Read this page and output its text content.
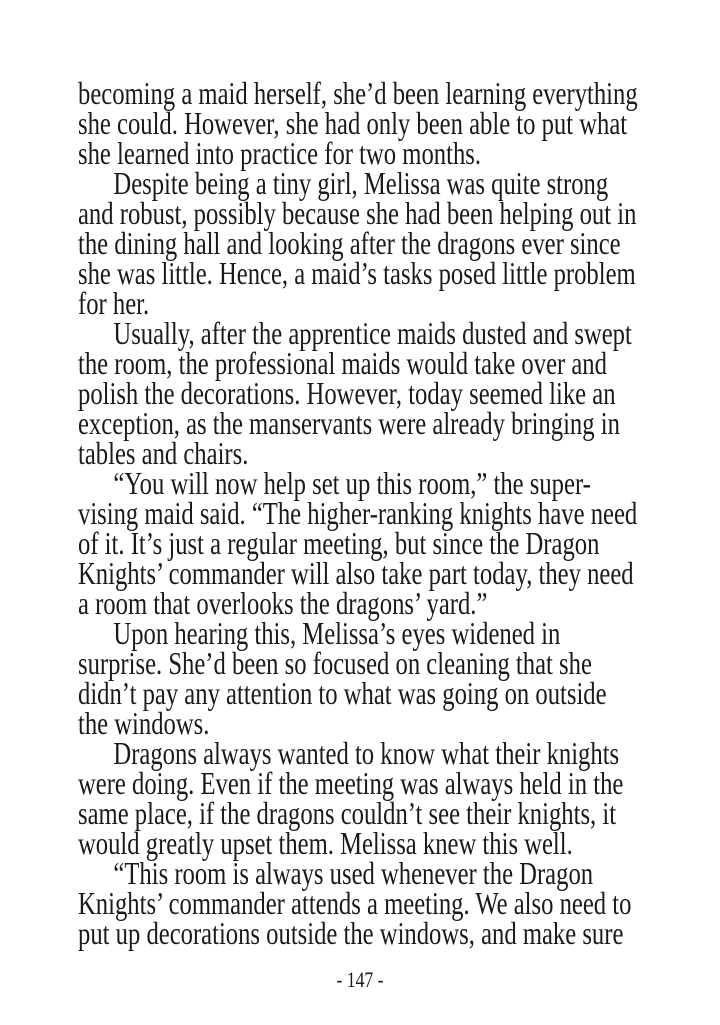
becoming a maid herself, she’d been learning everything
she could. However, she had only been able to put what
she learned into practice for two months.
Despite being a tiny girl, Melissa was quite strong
and robust, possibly because she had been helping out in
the dining hall and looking after the dragons ever since
she was little. Hence, a maid’s tasks posed little problem
for her.
Usually, after the apprentice maids dusted and swept
the room, the professional maids would take over and
polish the decorations. However, today seemed like an
exception, as the manservants were already bringing in
tables and chairs.
“You will now help set up this room,” the super-
vising maid said. “The higher-ranking knights have need
of it. It’s just a regular meeting, but since the Dragon
Knights’ commander will also take part today, they need
a room that overlooks the dragons’ yard.”
Upon hearing this, Melissa’s eyes widened in
surprise. She’d been so focused on cleaning that she
didn’t pay any attention to what was going on outside
the windows.
Dragons always wanted to know what their knights
were doing. Even if the meeting was always held in the
same place, if the dragons couldn’t see their knights, it
would greatly upset them. Melissa knew this well.
“This room is always used whenever the Dragon
Knights’ commander attends a meeting. We also need to
put up decorations outside the windows, and make sure
- 147 -
